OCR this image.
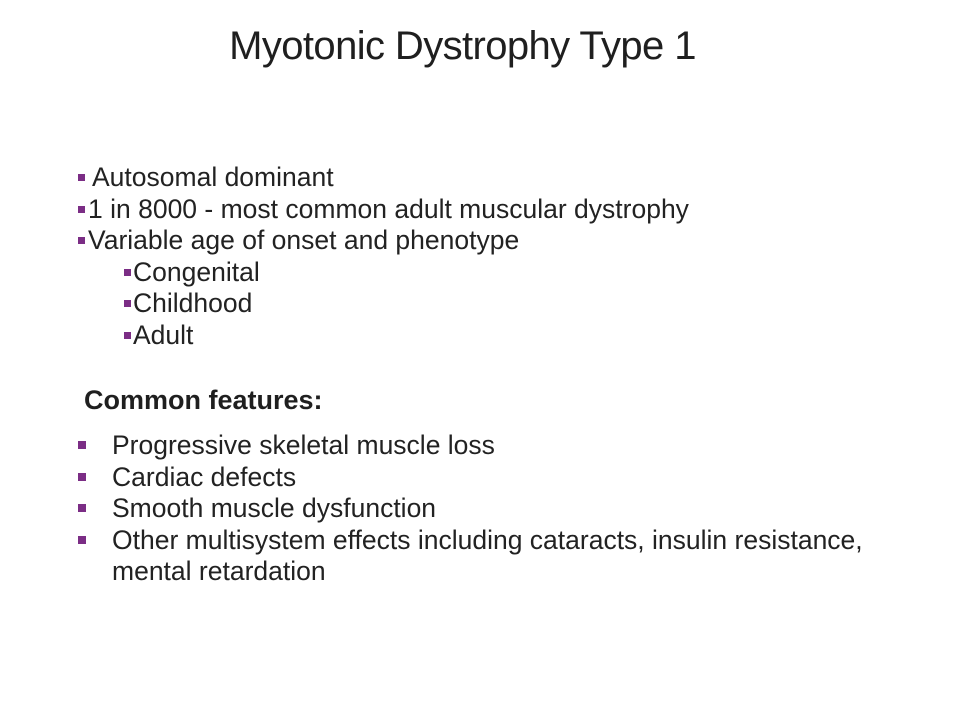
Myotonic Dystrophy Type 1
Autosomal dominant
1 in 8000 - most common adult muscular dystrophy
Variable age of onset and phenotype
Congenital
Childhood
Adult
Common features:
Progressive skeletal muscle loss
Cardiac defects
Smooth muscle dysfunction
Other multisystem effects including cataracts, insulin resistance, mental retardation
